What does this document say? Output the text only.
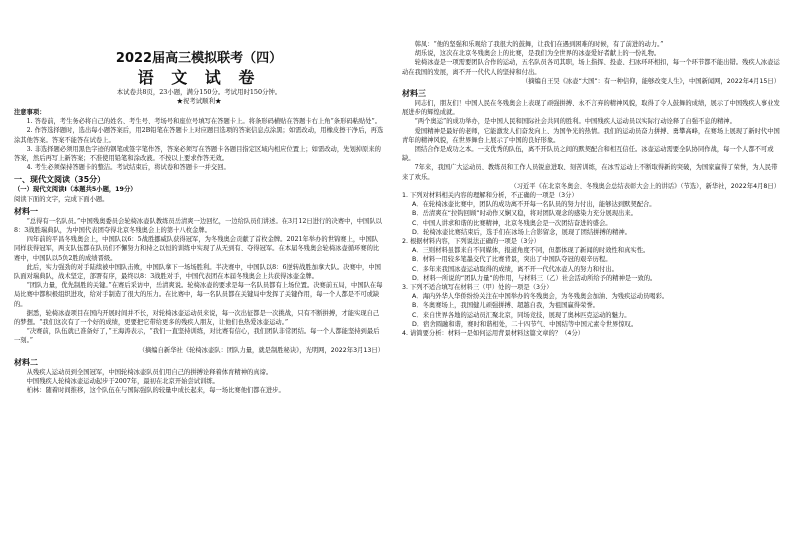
2022届高三模拟联考（四）
语 文 试 卷
本试卷共8页，23小题，满分150分。考试用时150分钟。
★祝考试顺利★
注意事项：

1. 答卷前，考生务必将自己的姓名、考生号、考场号和座位号填写在答题卡上。将条形码横贴在答题卡右上角“条形码粘贴处”。

2. 作答选择题时，选出每小题答案后，用2B铅笔在答题卡上对应题目选项的答案信息点涂黑；如需改动，用橡皮擦干净后，再选涂其他答案。答案不能答在试卷上。

3. 非选择题必须用黑色字迹的钢笔或签字笔作答，答案必须写在答题卡各题目指定区域内相应位置上；如需改动，先划掉原来的答案，然后再写上新答案；不准使用铅笔和涂改液。不按以上要求作答无效。

4. 考生必须保持答题卡的整洁。考试结束后，将试卷和答题卡一并交回。

一、现代文阅读（35分）
（一）现代文阅读Ⅰ（本题共5小题，19分）
阅读下面的文字，完成下面小题。
材料一

“总得有一名队员。”中国残奥委员会轮椅冰壶队教练员岳清爽一边回忆，一边给队员们讲述。在3月12日进行的决赛中，中国队以8：3战胜瑞典队，为中国代表团夺得北京冬残奥会上的第十八枚金牌。

四年前的平昌冬残奥会上，中国队以6：5战胜挪威队获得冠军，为冬残奥会贡献了首枚金牌。2021年举办的世锦赛上，中国队同样获得冠军，两支队伍都在队员们不懈努力和持之以恒的训练中实现了从无到有、夺得冠军。在本届冬残奥会轮椅冰壶循环赛的比赛中，中国队以5负2胜的成绩晋级。

此后，实力强劲的对手陆续被中国队击败，中国队拿下一场场胜利。半决赛中，中国队以8：6逆转战胜加拿大队。决赛中，中国队面对瑞典队，战术坚定，部署有序，最终以8：3战胜对手，中国代表团在本届冬残奥会上共获得冰壶金牌。

“团队力量，优先制胜的关键。”在赛后采访中，岳清爽说。轮椅冰壶的要求是每一名队员都有上场位置。决赛前五局，中国队在每局比赛中都积极组织进攻，给对手制造了很大的压力。在比赛中，每一名队员都在关键局中发挥了关键作用，每一个人都是不可或缺的。

据悉，轮椅冰壶项目在国内开展时间并不长，对轮椅冰壶运动员来说，每一次出征都是一次挑战，只有不断拼搏，才能实现自己的梦想。“我们这次有了一个好的成绩，更要把它带给更多的残疾人朋友，让他们也热爱冰壶运动。”

“决赛前，队伍就已准备好了，”王海涛表示，“我们一直坚持训练，对比赛有信心，我们团队非常团结。每一个人都能坚持到最后一刻。”

（摘编自新华社《轮椅冰壶队：团队力量，就是制胜秘诀》，光明网，2022年3月13日）
材料二

从残疾人运动员到全国冠军，中国轮椅冰壶队员们用自己的拼搏诠释着体育精神的真谛。

中国残疾人轮椅冰壶运动起步于2007年，最初在北京开始尝试训练。

柏林：随着时间推移，这个队伍在与国际强队的较量中成长起来，每一场比赛他们都在进步。

韩凤：“他的坚强和乐观给了我很大的鼓舞，让我们在遇到困难的时候，有了前进的动力。”

胡乐说，这次在北京冬残奥会上的比赛，是我们为全世界的冰壶爱好者献上的一份礼物。

轮椅冰壶是一项需要团队合作的运动，五名队员各司其职，场上指挥、投壶、扫冰环环相扣，每一个环节都不能出错。残疾人冰壶运动在我国的发展，离不开一代代人的坚持和付出。

（摘编自王昊《冰壶“大国”：有一种信仰，能够改变人生》，中国新闻网，2022年4月15日）
材料三

同志们，朋友们！中国人民在冬残奥会上表现了顽强拼搏、永不言弃的精神风貌，取得了令人鼓舞的成绩，展示了中国残疾人事业发展进步的辉煌成就。

“两个奥运”的成功举办，是中国人民和国际社会共同的胜利。中国残疾人运动员以实际行动诠释了自强不息的精神。

爱国精神是最好的老师，它能激发人们奋发向上、为国争光的热情。我们的运动员奋力拼搏、勇攀高峰，在赛场上展现了新时代中国青年的精神风貌，在世界舞台上展示了中国的良好形象。

团结合作是成功之本。一支优秀的队伍，离不开队员之间的默契配合和相互信任。冰壶运动需要全队协同作战，每一个人都不可或缺。

7年来，我国广大运动员、教练员和工作人员锐意进取、刻苦训练，在冰雪运动上不断取得新的突破，为国家赢得了荣誉，为人民带来了欢乐。

（习近平《在北京冬奥会、冬残奥会总结表彰大会上的讲话》（节选），新华社，2022年4月8日）
1. 下列对材料相关内容的理解和分析，不正确的一项是（3分）
A．在轮椅冰壶比赛中，团队的成功离不开每一名队员的努力付出，能够达到默契配合。
B．岳清爽在“拉钩回顾”时动作又娴又稳，将对团队观念的感染力充分展现出来。
C．中国人讲求和谐的比赛精神，北京冬残奥会是一次团结奋进的盛会。
D．轮椅冰壶比赛结束后，选手们在冰场上合影留念，展现了团结拼搏的精神。
2. 根据材料内容，下列说法正确的一项是（3分）
A．三则材料虽都来自不同媒体，报道角度不同，但都体现了新闻的时效性和真实性。
B．材料一用较多笔墨交代了比赛背景，突出了中国队夺冠的艰辛历程。
C．多年来我国冰壶运动取得的成绩，离不开一代代冰壶人的努力和付出。
D．材料一所说的“团队力量”的作用，与材料三（乙）社会活动所给予的精神是一致的。
3. 下列不适合填写在材料三（甲）处的一项是（3分）
A．海内外华人华侨纷纷关注在中国举办的冬残奥会，为冬残奥会加油、为残疾运动员喝彩。
B．冬奥赛场上，我国健儿顽强拼搏、超越自我，为祖国赢得荣誉。
C．来自世界各地的运动员汇聚北京，同场竞技，展现了奥林匹克运动的魅力。
D．宿舍圆融和谐，赛时和谐相处，二十四节气、中国结等中国元素令世界惊叹。
4. 请简要分析：材料一是如何运用背景材料这篇文章的？（4分）
